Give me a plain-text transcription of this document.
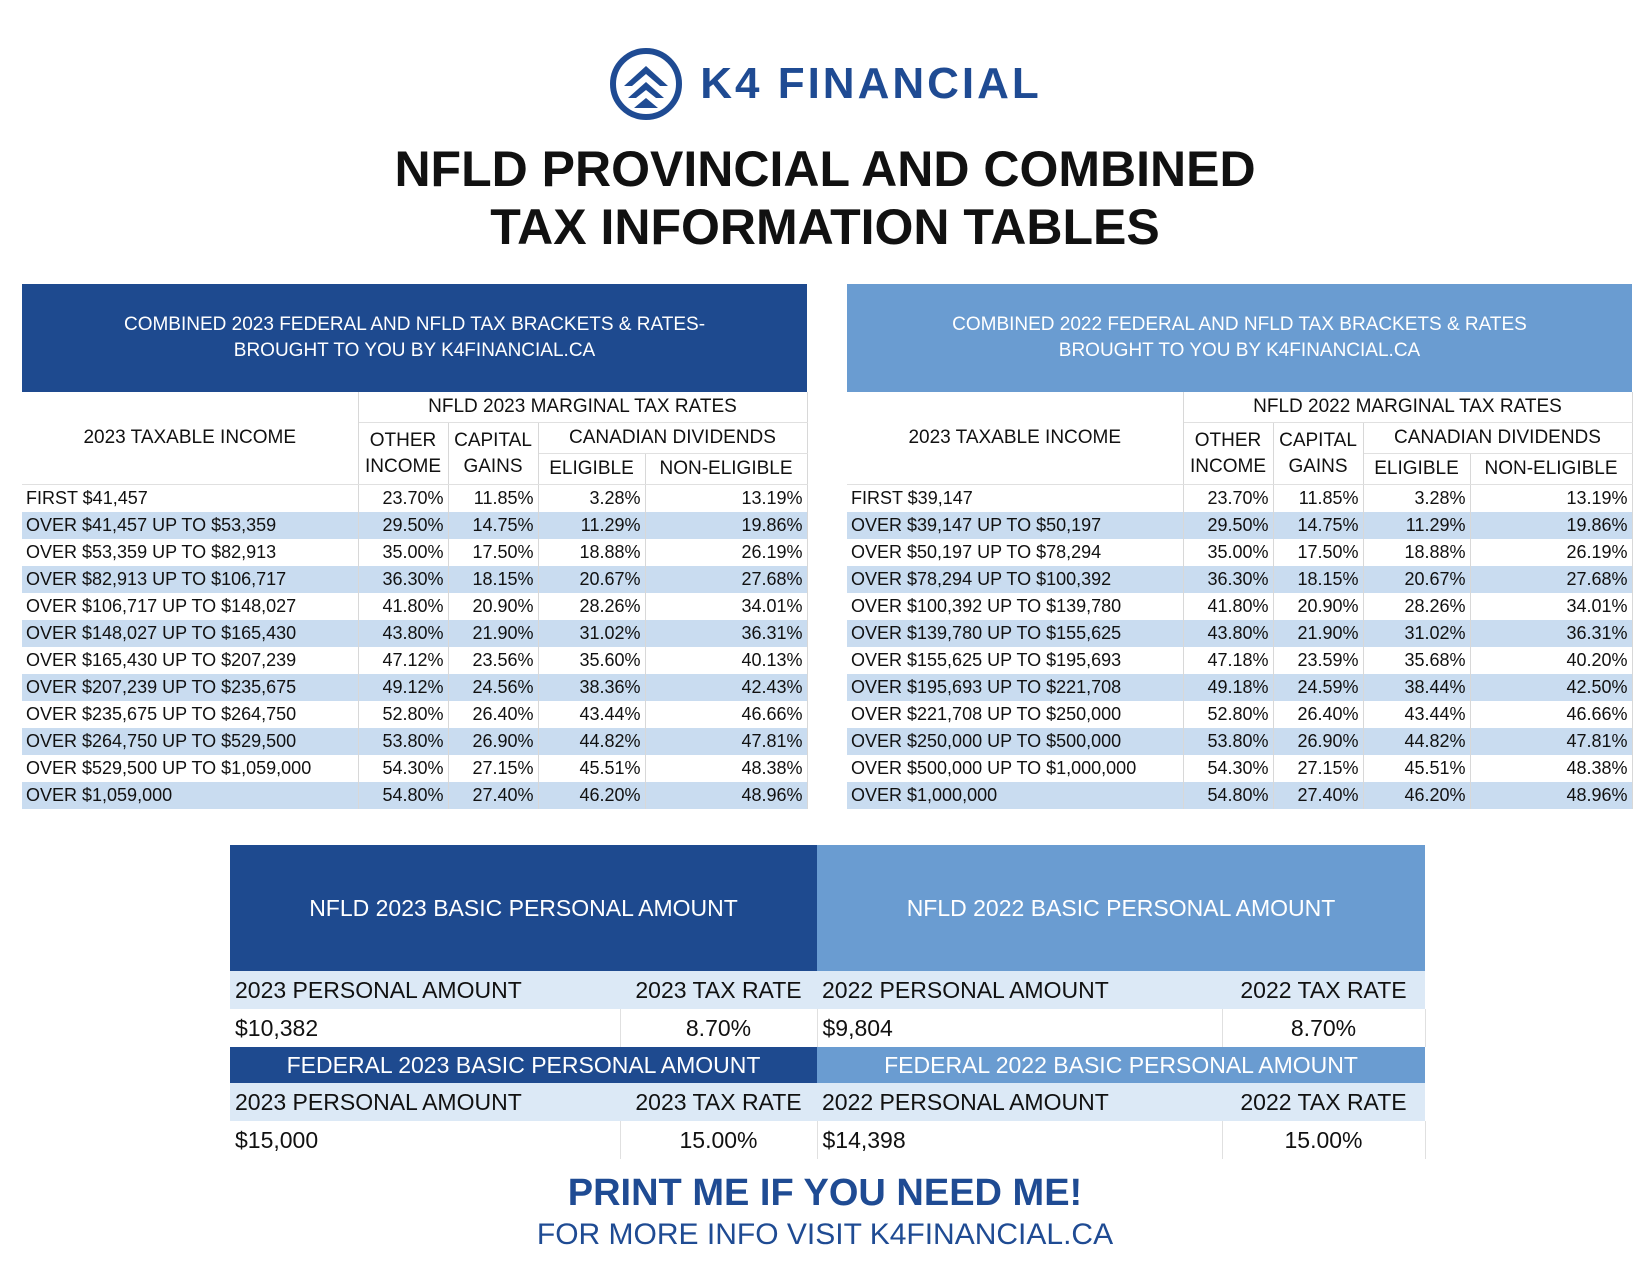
K4 FINANCIAL
NFLD PROVINCIAL AND COMBINED
TAX INFORMATION TABLES
COMBINED 2023 FEDERAL AND NFLD TAX BRACKETS & RATES-
BROUGHT TO YOU BY K4FINANCIAL.CA				

2023 TAXABLE INCOME	NFLD 2023 MARGINAL TAX RATES			
	OTHER INCOME	CAPITAL GAINS	CANADIAN DIVIDENDS	
			ELIGIBLE	NON-ELIGIBLE
FIRST $41,457	23.70%	11.85%	3.28%	13.19%
OVER $41,457 UP TO $53,359	29.50%	14.75%	11.29%	19.86%
OVER $53,359 UP TO $82,913	35.00%	17.50%	18.88%	26.19%
OVER $82,913 UP TO $106,717	36.30%	18.15%	20.67%	27.68%
OVER $106,717 UP TO $148,027	41.80%	20.90%	28.26%	34.01%
OVER $148,027 UP TO $165,430	43.80%	21.90%	31.02%	36.31%
OVER $165,430 UP TO $207,239	47.12%	23.56%	35.60%	40.13%
OVER $207,239 UP TO $235,675	49.12%	24.56%	38.36%	42.43%
OVER $235,675 UP TO $264,750	52.80%	26.40%	43.44%	46.66%
OVER $264,750 UP TO $529,500	53.80%	26.90%	44.82%	47.81%
OVER $529,500 UP TO $1,059,000	54.30%	27.15%	45.51%	48.38%
OVER $1,059,000	54.80%	27.40%	46.20%	48.96%
COMBINED 2022 FEDERAL AND NFLD TAX BRACKETS & RATES
BROUGHT TO YOU BY K4FINANCIAL.CA				

2023 TAXABLE INCOME	NFLD 2022 MARGINAL TAX RATES			
	OTHER INCOME	CAPITAL GAINS	CANADIAN DIVIDENDS	
			ELIGIBLE	NON-ELIGIBLE
FIRST $39,147	23.70%	11.85%	3.28%	13.19%
OVER $39,147 UP TO $50,197	29.50%	14.75%	11.29%	19.86%
OVER $50,197 UP TO $78,294	35.00%	17.50%	18.88%	26.19%
OVER $78,294 UP TO $100,392	36.30%	18.15%	20.67%	27.68%
OVER $100,392 UP TO $139,780	41.80%	20.90%	28.26%	34.01%
OVER $139,780 UP TO $155,625	43.80%	21.90%	31.02%	36.31%
OVER $155,625 UP TO $195,693	47.18%	23.59%	35.68%	40.20%
OVER $195,693 UP TO $221,708	49.18%	24.59%	38.44%	42.50%
OVER $221,708 UP TO $250,000	52.80%	26.40%	43.44%	46.66%
OVER $250,000 UP TO $500,000	53.80%	26.90%	44.82%	47.81%
OVER $500,000 UP TO $1,000,000	54.30%	27.15%	45.51%	48.38%
OVER $1,000,000	54.80%	27.40%	46.20%	48.96%
NFLD 2023 BASIC PERSONAL AMOUNT		NFLD 2022 BASIC PERSONAL AMOUNT	
2023 PERSONAL AMOUNT	2023 TAX RATE	2022 PERSONAL AMOUNT	2022 TAX RATE
$10,382	8.70%	$9,804	8.70%
FEDERAL 2023 BASIC PERSONAL AMOUNT		FEDERAL 2022 BASIC PERSONAL AMOUNT	
2023 PERSONAL AMOUNT	2023 TAX RATE	2022 PERSONAL AMOUNT	2022 TAX RATE
$15,000	15.00%	$14,398	15.00%
PRINT ME IF YOU NEED ME!
FOR MORE INFO VISIT K4FINANCIAL.CA
